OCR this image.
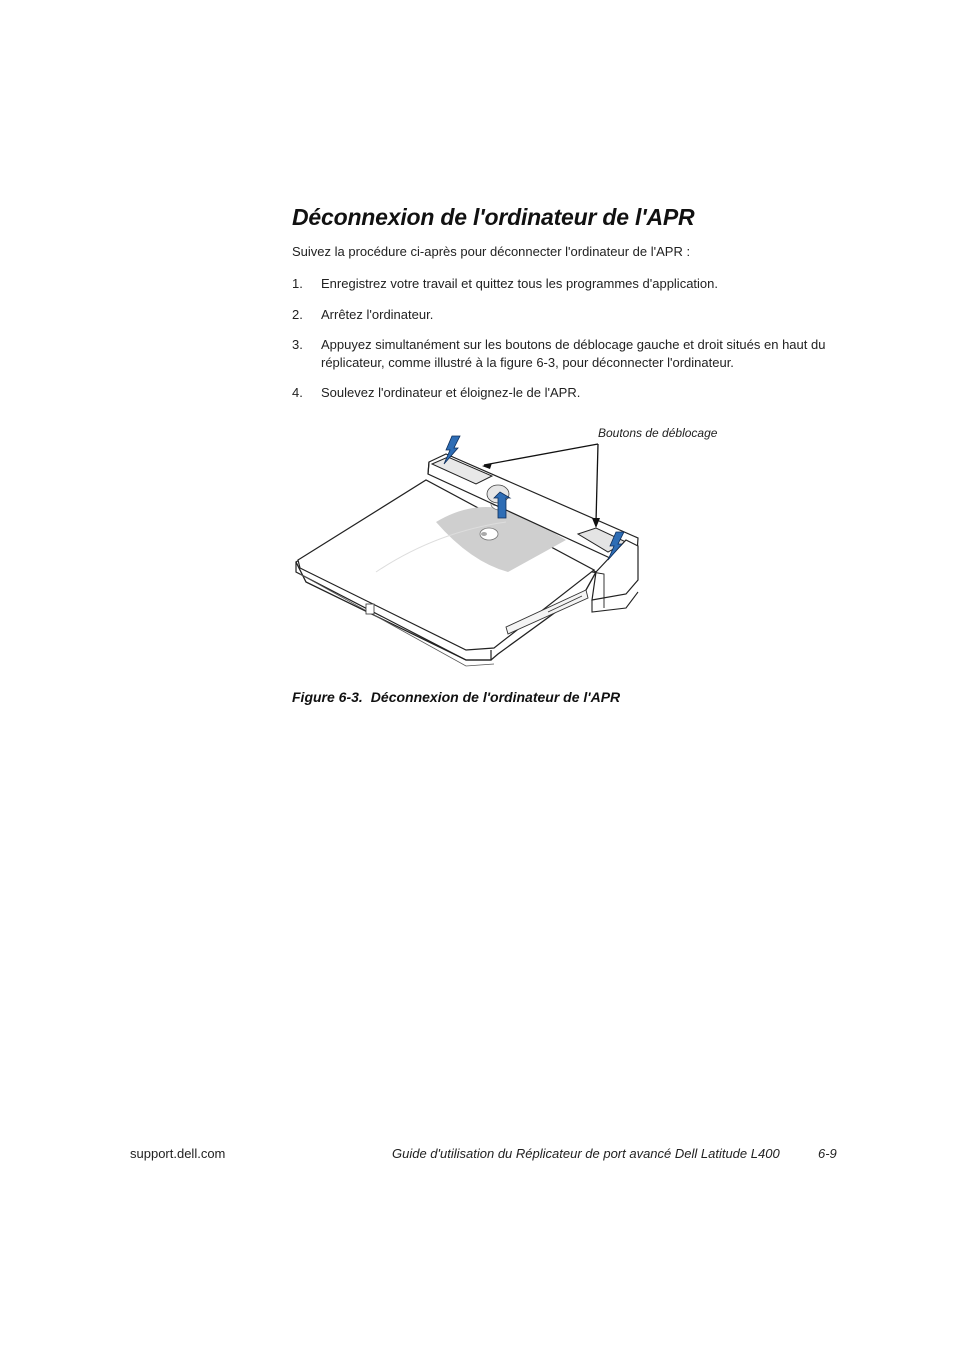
Déconnexion de l'ordinateur de l'APR

Suivez la procédure ci-après pour déconnecter l'ordinateur de l'APR :

1. Enregistrez votre travail et quittez tous les programmes d'application.
2. Arrêtez l'ordinateur.
3. Appuyez simultanément sur les boutons de déblocage gauche et droit situés en haut du réplicateur, comme illustré à la figure 6-3, pour déconnecter l'ordinateur.
4. Soulevez l'ordinateur et éloignez-le de l'APR.
Boutons de déblocage
Figure 6-3. Déconnexion de l'ordinateur de l'APR
support.dell.com	Guide d'utilisation du Réplicateur de port avancé Dell Latitude L400	6-9
